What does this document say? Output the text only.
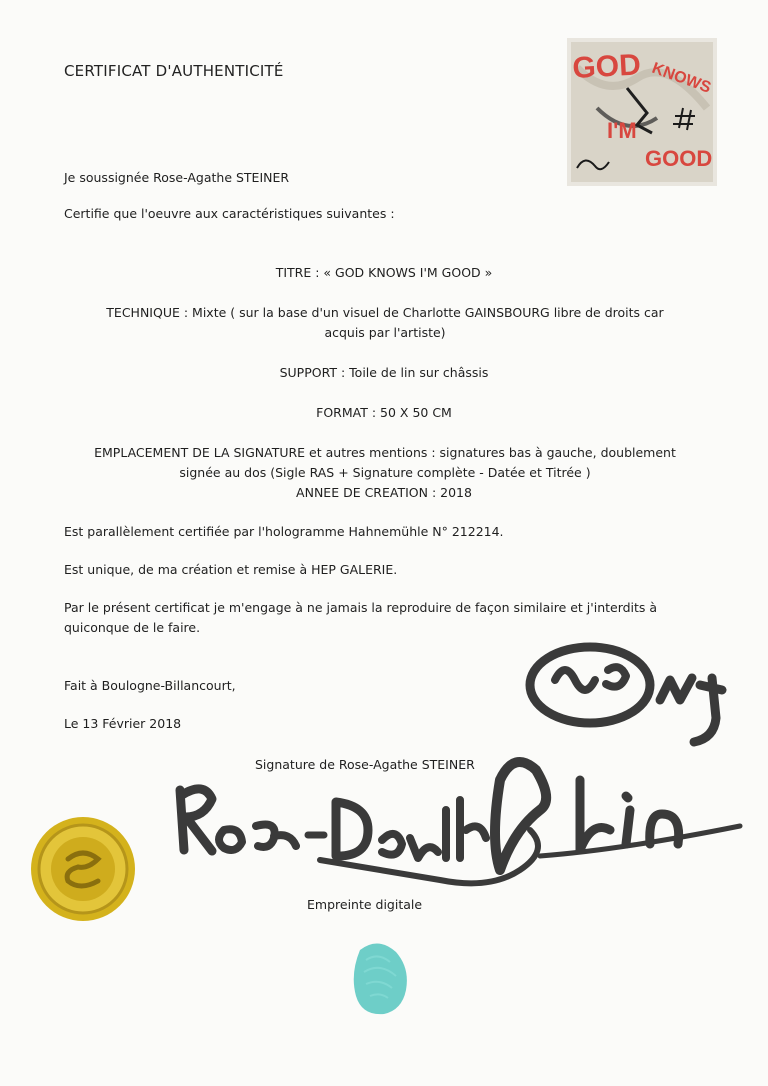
CERTIFICAT D'AUTHENTICITÉ	GOD KNOWS
I'M
GOOD
Je soussignée Rose-Agathe STEINER
Certifie que l'oeuvre aux caractéristiques suivantes :
TITRE : « GOD KNOWS I'M GOOD »
TECHNIQUE : Mixte ( sur la base d'un visuel de Charlotte GAINSBOURG libre de droits car
acquis par l'artiste)
SUPPORT : Toile de lin sur châssis
FORMAT : 50 X 50 CM
EMPLACEMENT DE LA SIGNATURE et autres mentions : signatures bas à gauche, doublement
signée au dos (Sigle RAS + Signature complète - Datée et Titrée )
ANNEE DE CREATION : 2018
Est parallèlement certifiée par l'hologramme Hahnemühle N° 212214.
Est unique, de ma création et remise à HEP GALERIE.
Par le présent certificat je m'engage à ne jamais la reproduire de façon similaire et j'interdits à
quiconque de le faire.
Fait à Boulogne-Billancourt,
Le 13 Février 2018
Signature de Rose-Agathe STEINER
Empreinte digitale
